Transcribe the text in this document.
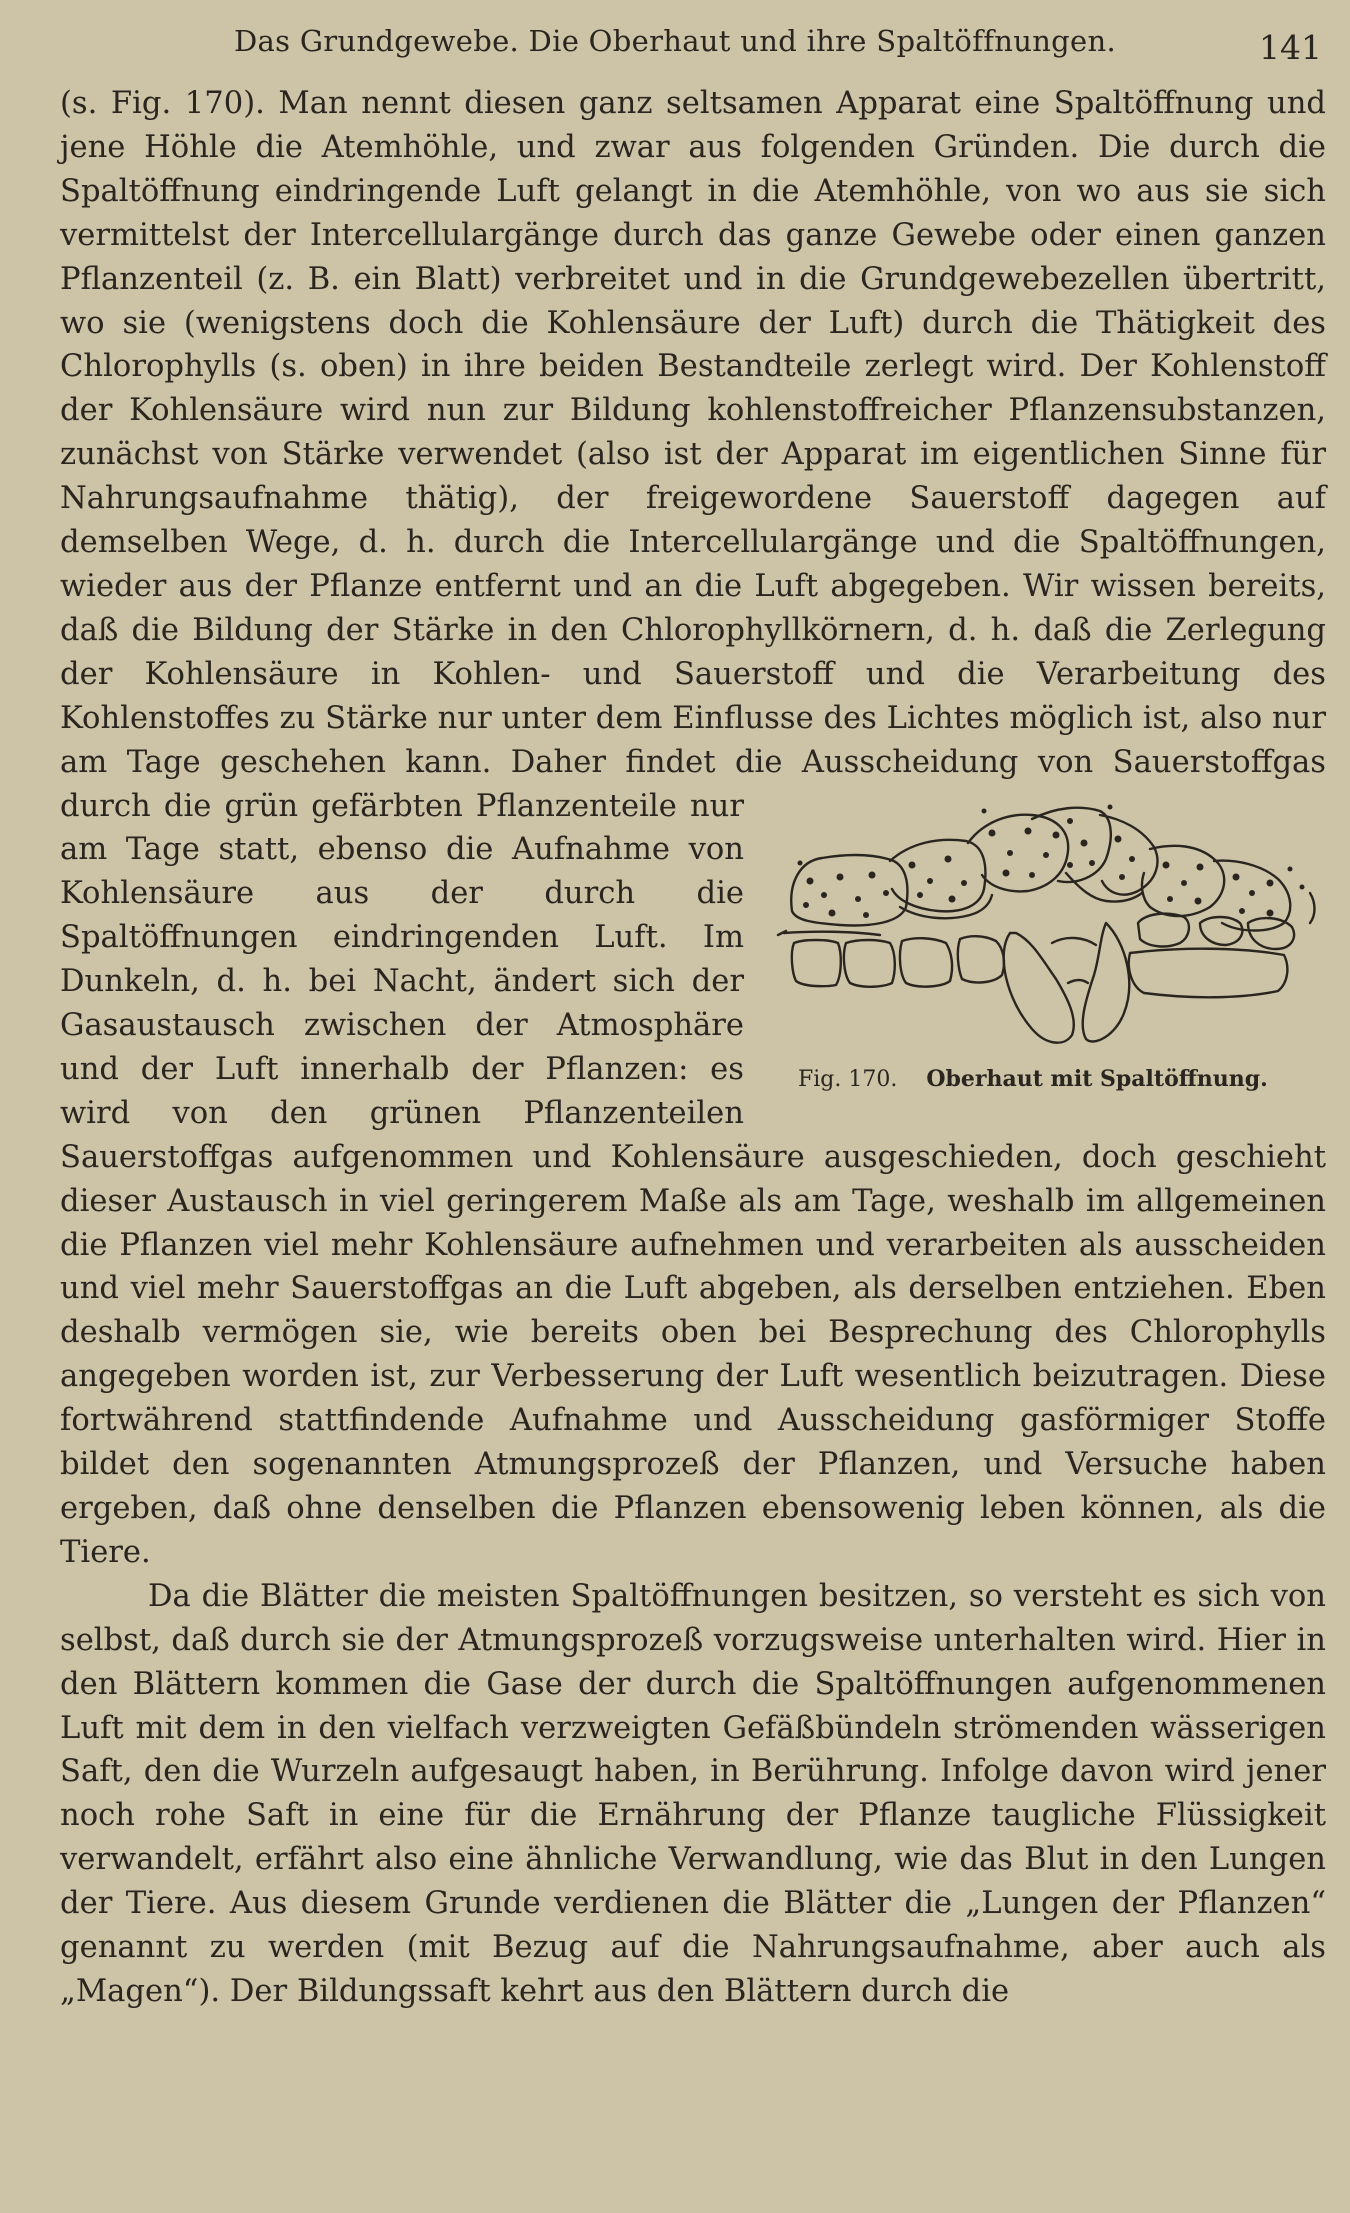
Das Grundgewebe. Die Oberhaut und ihre Spaltöffnungen.	141

(s. Fig. 170). Man nennt diesen ganz seltsamen Apparat eine Spaltöffnung und jene Höhle die Atemhöhle, und zwar aus folgenden Gründen. Die durch die Spaltöffnung eindringende Luft gelangt in die Atemhöhle, von wo aus sie sich vermittelst der Intercellulargänge durch das ganze Gewebe oder einen ganzen Pflanzenteil (z. B. ein Blatt) verbreitet und in die Grundgewebezellen übertritt, wo sie (wenigstens doch die Kohlensäure der Luft) durch die Thätigkeit des Chlorophylls (s. oben) in ihre beiden Bestandteile zerlegt wird. Der Kohlenstoff der Kohlensäure wird nun zur Bildung kohlenstoffreicher Pflanzensubstanzen, zunächst von Stärke verwendet (also ist der Apparat im eigentlichen Sinne für Nahrungsaufnahme thätig), der freigewordene Sauerstoff dagegen auf demselben Wege, d. h. durch die Intercellulargänge und die Spaltöffnungen, wieder aus der Pflanze entfernt und an die Luft abgegeben. Wir wissen bereits, daß die Bildung der Stärke in den Chlorophyllkörnern, d. h. daß die Zerlegung der Kohlensäure in Kohlen- und Sauerstoff und die Verarbeitung des Kohlenstoffes zu Stärke nur unter dem Einflusse des Lichtes möglich ist, also nur am Tage geschehen kann. Daher findet die Ausscheidung von Sauerstoffgas durch die grün gefärbten Pflanzenteile nur
Fig. 170. Oberhaut mit Spaltöffnung.
am Tage statt, ebenso die Aufnahme von Kohlensäure aus der durch die Spaltöffnungen eindringenden Luft. Im Dunkeln, d. h. bei Nacht, ändert sich der Gasaustausch zwischen der Atmosphäre und der Luft innerhalb der Pflanzen: es wird von den grünen Pflanzenteilen Sauerstoffgas aufgenommen und Kohlensäure ausgeschieden, doch geschieht dieser Austausch in viel geringerem Maße als am Tage, weshalb im allgemeinen die Pflanzen viel mehr Kohlensäure aufnehmen und verarbeiten als ausscheiden und viel mehr Sauerstoffgas an die Luft abgeben, als derselben entziehen. Eben deshalb vermögen sie, wie bereits oben bei Besprechung des Chlorophylls angegeben worden ist, zur Verbesserung der Luft wesentlich beizutragen. Diese fortwährend stattfindende Aufnahme und Ausscheidung gasförmiger Stoffe bildet den sogenannten Atmungsprozeß der Pflanzen, und Versuche haben ergeben, daß ohne denselben die Pflanzen ebensowenig leben können, als die Tiere.

Da die Blätter die meisten Spaltöffnungen besitzen, so versteht es sich von selbst, daß durch sie der Atmungsprozeß vorzugsweise unterhalten wird. Hier in den Blättern kommen die Gase der durch die Spaltöffnungen aufgenommenen Luft mit dem in den vielfach verzweigten Gefäßbündeln strömenden wässerigen Saft, den die Wurzeln aufgesaugt haben, in Berührung. Infolge davon wird jener noch rohe Saft in eine für die Ernährung der Pflanze taugliche Flüssigkeit verwandelt, erfährt also eine ähnliche Verwandlung, wie das Blut in den Lungen der Tiere. Aus diesem Grunde verdienen die Blätter die „Lungen der Pflanzen“ genannt zu werden (mit Bezug auf die Nahrungsaufnahme, aber auch als „Magen“). Der Bildungssaft kehrt aus den Blättern durch die
